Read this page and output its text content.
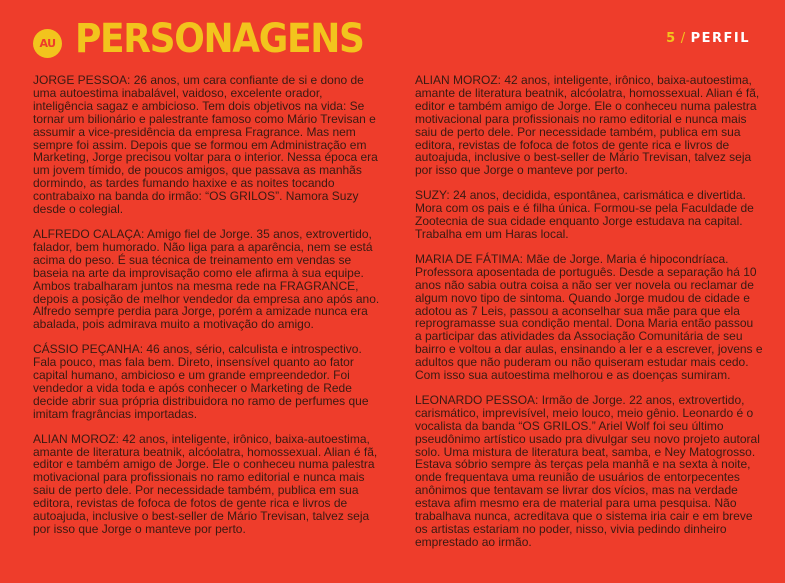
AU PERSONAGENS	5 / PERFIL

JORGE PESSOA: 26 anos, um cara confiante de si e dono de uma autoestima inabalável, vaidoso, excelente orador, inteligência sagaz e ambicioso. Tem dois objetivos na vida: Se tornar um bilionário e palestrante famoso como Mário Trevisan e assumir a vice-presidência da empresa Fragrance. Mas nem sempre foi assim. Depois que se formou em Administração em Marketing, Jorge precisou voltar para o interior. Nessa época era um jovem tímido, de poucos amigos, que passava as manhãs dormindo, as tardes fumando haxixe e as noites tocando contrabaixo na banda do irmão: “OS GRILOS”. Namora Suzy desde o colegial.

ALFREDO CALAÇA: Amigo fiel de Jorge. 35 anos, extrovertido, falador, bem humorado. Não liga para a aparência, nem se está acima do peso. É sua técnica de treinamento em vendas se baseia na arte da improvisação como ele afirma à sua equipe. Ambos trabalharam juntos na mesma rede na FRAGRANCE, depois a posição de melhor vendedor da empresa ano após ano. Alfredo sempre perdia para Jorge, porém a amizade nunca era abalada, pois admirava muito a motivação do amigo.

CÁSSIO PEÇANHA: 46 anos, sério, calculista e introspectivo. Fala pouco, mas fala bem. Direto, insensível quanto ao fator capital humano, ambicioso e um grande empreendedor. Foi vendedor a vida toda e após conhecer o Marketing de Rede decide abrir sua própria distribuidora no ramo de perfumes que imitam fragrâncias importadas.

ALIAN MOROZ: 42 anos, inteligente, irônico, baixa-autoestima, amante de literatura beatnik, alcóolatra, homossexual. Alian é fã, editor e também amigo de Jorge. Ele o conheceu numa palestra motivacional para profissionais no ramo editorial e nunca mais saiu de perto dele. Por necessidade também, publica em sua editora, revistas de fofoca de fotos de gente rica e livros de autoajuda, inclusive o best-seller de Mário Trevisan, talvez seja por isso que Jorge o manteve por perto.

ALIAN MOROZ: 42 anos, inteligente, irônico, baixa-autoestima, amante de literatura beatnik, alcóolatra, homossexual. Alian é fã, editor e também amigo de Jorge. Ele o conheceu numa palestra motivacional para profissionais no ramo editorial e nunca mais saiu de perto dele. Por necessidade também, publica em sua editora, revistas de fofoca de fotos de gente rica e livros de autoajuda, inclusive o best-seller de Mário Trevisan, talvez seja por isso que Jorge o manteve por perto.

SUZY: 24 anos, decidida, espontânea, carismática e divertida. Mora com os pais e é filha única. Formou-se pela Faculdade de Zootecnia de sua cidade enquanto Jorge estudava na capital. Trabalha em um Haras local.

MARIA DE FÁTIMA: Mãe de Jorge. Maria é hipocondríaca. Professora aposentada de português. Desde a separação há 10 anos não sabia outra coisa a não ser ver novela ou reclamar de algum novo tipo de sintoma. Quando Jorge mudou de cidade e adotou as 7 Leis, passou a aconselhar sua mãe para que ela reprogramasse sua condição mental. Dona Maria então passou a participar das atividades da Associação Comunitária de seu bairro e voltou a dar aulas, ensinando a ler e a escrever, jovens e adultos que não puderam ou não quiseram estudar mais cedo. Com isso sua autoestima melhorou e as doenças sumiram.

LEONARDO PESSOA: Irmão de Jorge. 22 anos, extrovertido, carismático, imprevisível, meio louco, meio gênio. Leonardo é o vocalista da banda “OS GRILOS.” Ariel Wolf foi seu último pseudônimo artístico usado pra divulgar seu novo projeto autoral solo. Uma mistura de literatura beat, samba, e Ney Matogrosso. Estava sóbrio sempre às terças pela manhã e na sexta à noite, onde frequentava uma reunião de usuários de entorpecentes anônimos que tentavam se livrar dos vícios, mas na verdade estava afim mesmo era de material para uma pesquisa. Não trabalhava nunca, acreditava que o sistema iria cair e em breve os artistas estariam no poder, nisso, vivia pedindo dinheiro emprestado ao irmão.
